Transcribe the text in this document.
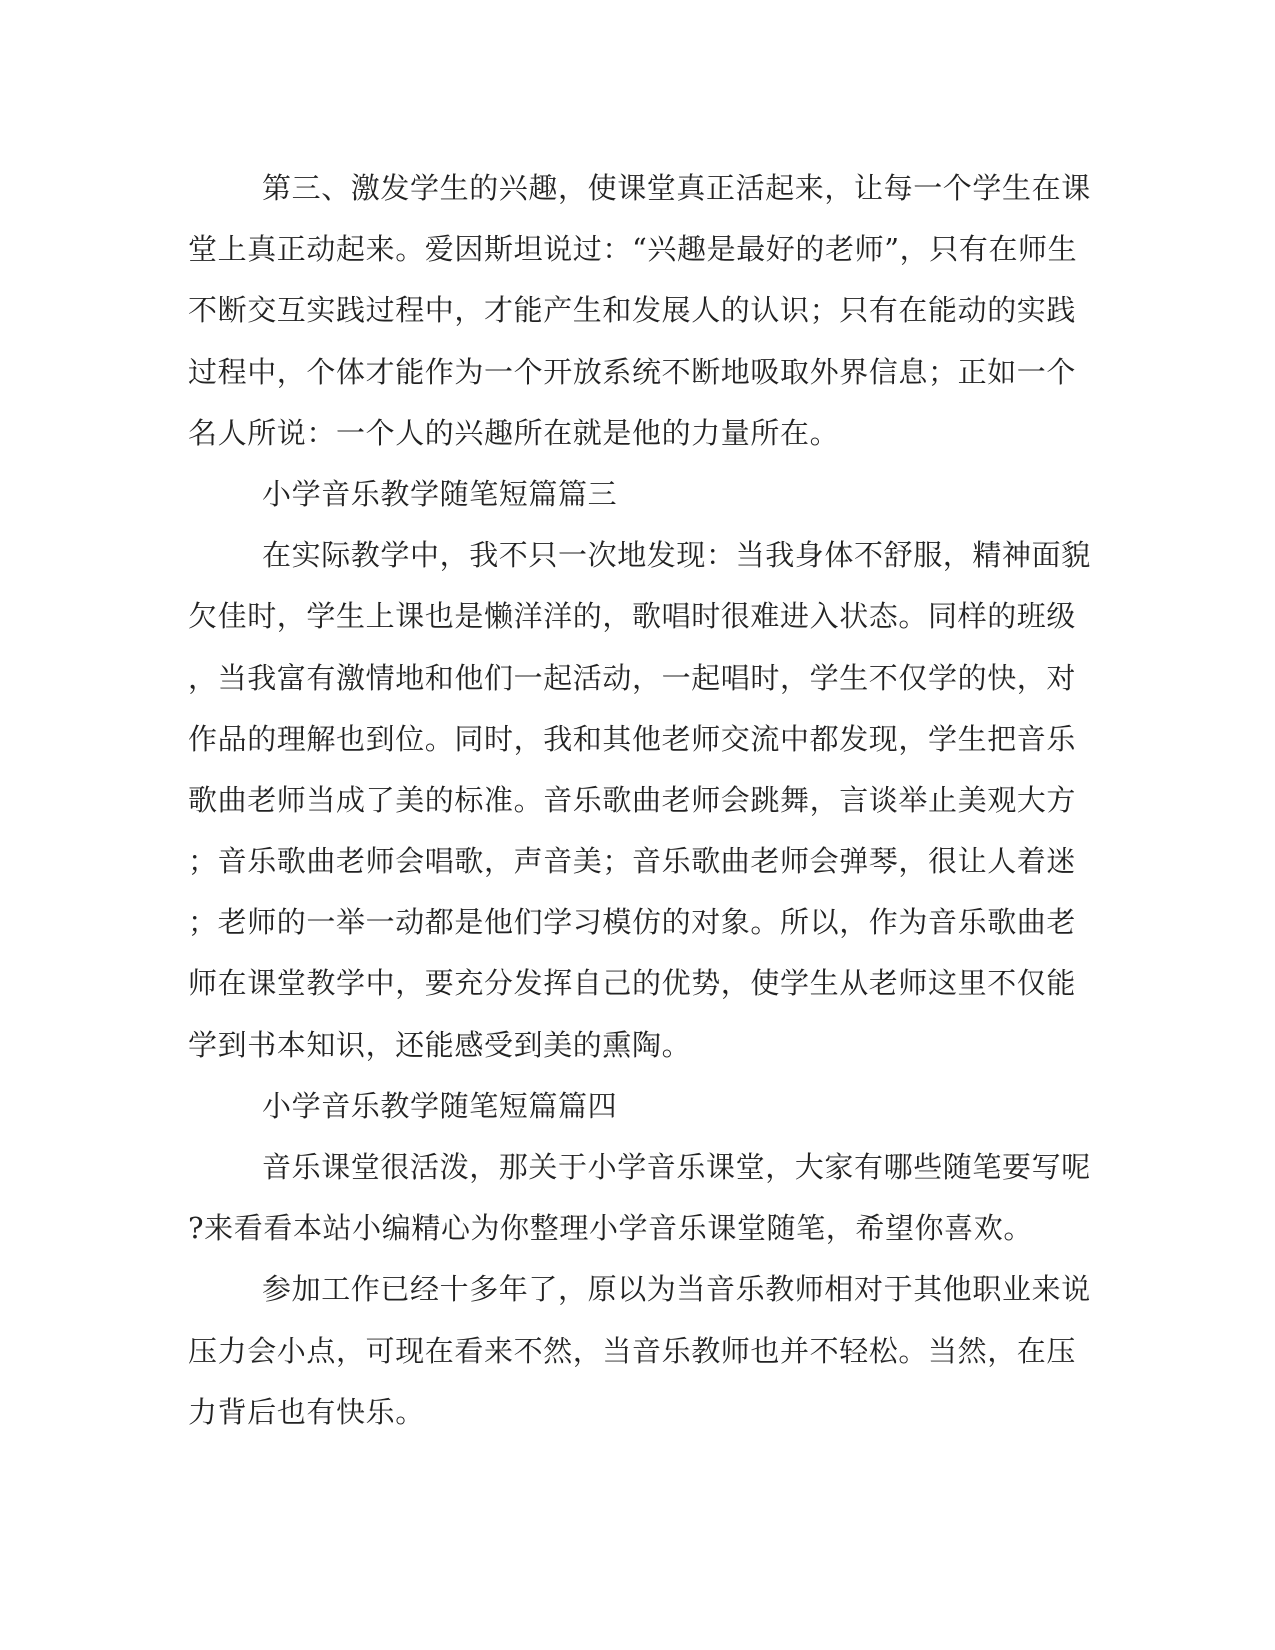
第三、激发学生的兴趣，使课堂真正活起来，让每一个学生在课
堂上真正动起来。爱因斯坦说过：“兴趣是最好的老师”，只有在师生
不断交互实践过程中，才能产生和发展人的认识；只有在能动的实践
过程中，个体才能作为一个开放系统不断地吸取外界信息；正如一个
名人所说：一个人的兴趣所在就是他的力量所在。
小学音乐教学随笔短篇篇三
在实际教学中，我不只一次地发现：当我身体不舒服，精神面貌
欠佳时，学生上课也是懒洋洋的，歌唱时很难进入状态。同样的班级
，当我富有激情地和他们一起活动，一起唱时，学生不仅学的快，对
作品的理解也到位。同时，我和其他老师交流中都发现，学生把音乐
歌曲老师当成了美的标准。音乐歌曲老师会跳舞，言谈举止美观大方
；音乐歌曲老师会唱歌，声音美；音乐歌曲老师会弹琴，很让人着迷
；老师的一举一动都是他们学习模仿的对象。所以，作为音乐歌曲老
师在课堂教学中，要充分发挥自己的优势，使学生从老师这里不仅能
学到书本知识，还能感受到美的熏陶。
小学音乐教学随笔短篇篇四
音乐课堂很活泼，那关于小学音乐课堂，大家有哪些随笔要写呢
?来看看本站小编精心为你整理小学音乐课堂随笔，希望你喜欢。
参加工作已经十多年了，原以为当音乐教师相对于其他职业来说
压力会小点，可现在看来不然，当音乐教师也并不轻松。当然，在压
力背后也有快乐。
